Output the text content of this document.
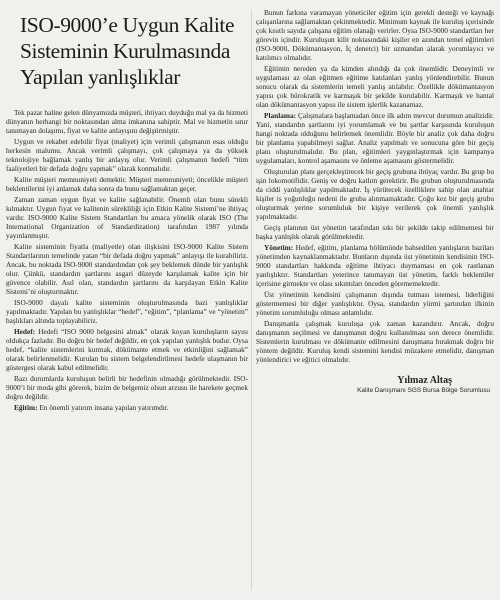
ISO-9000’e Uygun Kalite
Sisteminin Kurulmasında
Yapılan yanlışlıklar

Tek pazar haline gelen dünyamızda müşteri, ihtiyacı duyduğu mal ya da hizmeti dünyanın herhangi bir noktasından alma imkanına sahiptir. Mal ve hizmetin sınır tanımayan dolaşımı, fiyat ve kalite anlayışını değiştirmiştir.

Uygun ve rekabet edebilir fiyat (maliyet) için verimli çalışmanın esas olduğu herkesin malumu. Ancak verimli çalışmayı, çok çalışmaya ya da yüksek teknolojiye bağlamak yanlış bir anlayış olur. Verimli çalışmanın hedefi “tüm faaliyetleri bir defada doğru yapmak” olarak konmalıdır.

Kalite müşteri memnuniyeti demektir. Müşteri memnuniyeti; öncelikle müşteri beklentilerini iyi anlamak daha sonra da bunu sağlamaktan geçer.

Zaman zaman uygun fiyat ve kalite sağlanabilir. Önemli olan bunu sürekli kılmaktır. Uygun fiyat ve kalitenin sürekliliği için Etkin Kalite Sistemi’ne ihtiyaç vardır. ISO-9000 Kalite Sistem Standartları bu amaca yönelik olarak ISO (The International Organization of Standardization) tarafından 1987 yılında yayınlanmıştır.

Kalite sisteminin fiyatla (maliyetle) olan ilişkisini ISO-9000 Kalite Sistem Standartlarının temelinde yatan “bir defada doğru yapmak” anlayışı ile kurabiliriz. Ancak, bu noktada ISO-9000 standardından çok şey beklemek dünde bir yanlışlık olur. Çünkü, standardın şartlarını asgari düzeyde karşılamak kalite için bir güvence olabilir. Asıl olan, standardın şartlarını da karşılayan Etkin Kalite Sistemi’ni oluşturmaktır.

ISO-9000 dayalı kalite sisteminin oluşturulmasında bazi yanlışlıklar yapılmaktadır. Yapılan bu yanlışlıklar “hedef”, “eğitim”, “planlama” ve “yönetim” başlıkları altında toplayabiliriz.

Hedef: Hedefi “ISO 9000 belgesini almak” olarak koyan kuruluşların sayısı oldukça fazladır. Bu doğru bir hedef değildir, en çok yapılan yanlışlık budur. Oysa hedef, “kalite sistemlerini kurmak, dökümante etmek ve etkinliğini sağlamak” olarak belirlenmelidir. Kurulan bu sistem belgelendirilmesi hedefe ulaşmanın bir göstergesi olarak kabul edilmelidir.

Bazı durumlarda kuruluşun belirli bir hedefinin olmadığı görülmektedir. ISO-9000’i bir moda gibi görerek, bizim de belgemiz olsun arzusu ile harekete geçmek doğru değildir.

Eğitim: En önemli yatırım insana yapılan yatırımdır.

Bunun farkına varamayan yöneticiler eğitim için gerekli desteği ve kaynağı çalışanlarına sağlamaktan çekinmektedir. Minimum kaynak ile kuruluş içerisinde çok kısıtlı sayıda çalışana eğitim olanağı verirler. Oysa ISO-9000 standartları her görevin içindir. Kuruluşun kilit noktasındaki kişiler en azından temel eğitimleri (ISO-9000, Dökümantasyon, İç denetci) bir uzmandan alarak yorumlayıcı ve katılımcı olmalıdır.

Eğitimin nereden ya da kimden alındığı da çok önemlidir. Deneyimli ve uygulaması az olan eğitmen eğitime katılanları yanlış yönlendirebilir. Bunun sonucu olarak da sistemlerin temeli yanlış atılabılır. Özellikle dökümantasyon yapısı çok bürokratik ve karmaşık bir şekilde kurulabilir. Karmaşık ve hantal olan dökümantasyon yapısı ile sistem işlerlik kazanamaz.

Planlama: Çalışmalara başlamadan önce ilk adım mevcut durumun analizidir. Yani, standardın şartlarını iyi yorumlamak ve bu şartlar karşısında kuruluşun hangi noktada olduğunu belirlemek önemlidir. Böyle bir analiz çok daha doğru bir planlama yapabilmeyi sağlar. Analiz yapılmalı ve sonucuna göre bir geçiş planı oluşturulmalıdır. Bu plan, eğitimleri yaygınlaştırmak için kampanya uygulamaları, kontrol aşamasını ve önleme aşamasını göstermelidir.

Oluşturulan planı gerçekleştirecek bir geçiş grubuna ihtiyaç vardır. Bu grup bu işin lokomotifidir. Geniş ve doğru katlım gerektirir. Bu grubun oluşturulmasında da ciddi yanlışlıklar yapılmaktadır. İş yürütecek özelliklere sahip olan anahtar kişiler is yoğunluğu nedeni ile gruba alınmamaktadır. Çoğu kez bir geçiş grubu oluşturmak yerine sorumluluk bir kişiye verilerek çok önemli yanlışlık yapılmaktadır.

Geçiş planının üst yönetim tarafından sıkı bir şekilde takip edilmemesi bir başka yanlışlık olarak görülmektedir.

Yönetim: Hedef, eğitim, planlama bölümünde bahsedilen yanlışların baziları yönetimden kaynaklanmaktadır. Bunların dışında üst yönetimin kendisinin ISO-9000 standartları hakkında eğitime ihtiyacı duymaması en çok rastlanan yanlışlıktır. Standartları yeterince tanımayan üst yönetim, farklı beklentiler içerisine girmekte ve olası sıkıntıları önceden görememektedir.

Üst yönetimin kendisini çalışmanın dışında tutması istemesi, liderliğini göstermemesi bir diğer yanlışlıktır. Oysa, standardın yürmi şartından ilkinin yönetim sorumluluğu olması anlamlıdır.

Danışmanla çalışmak kuruluşa çok zaman kazandırır. Ancak, doğru danışmanın seçilmesi ve danışmanın doğru kullanılması son derece önemlidir. Sistemlerin kurulması ve dökümante edilmesini danışmana bırakmak doğru bir yöntem değildir. Kuruluş kendi sistemini kendisi müzakere etmelidir, danışman yönlendirici ve eğitici olmalıdır.

Yılmaz Altaş
Kalite Danışmanı SGS Bursa Bölge Sorumlusu
